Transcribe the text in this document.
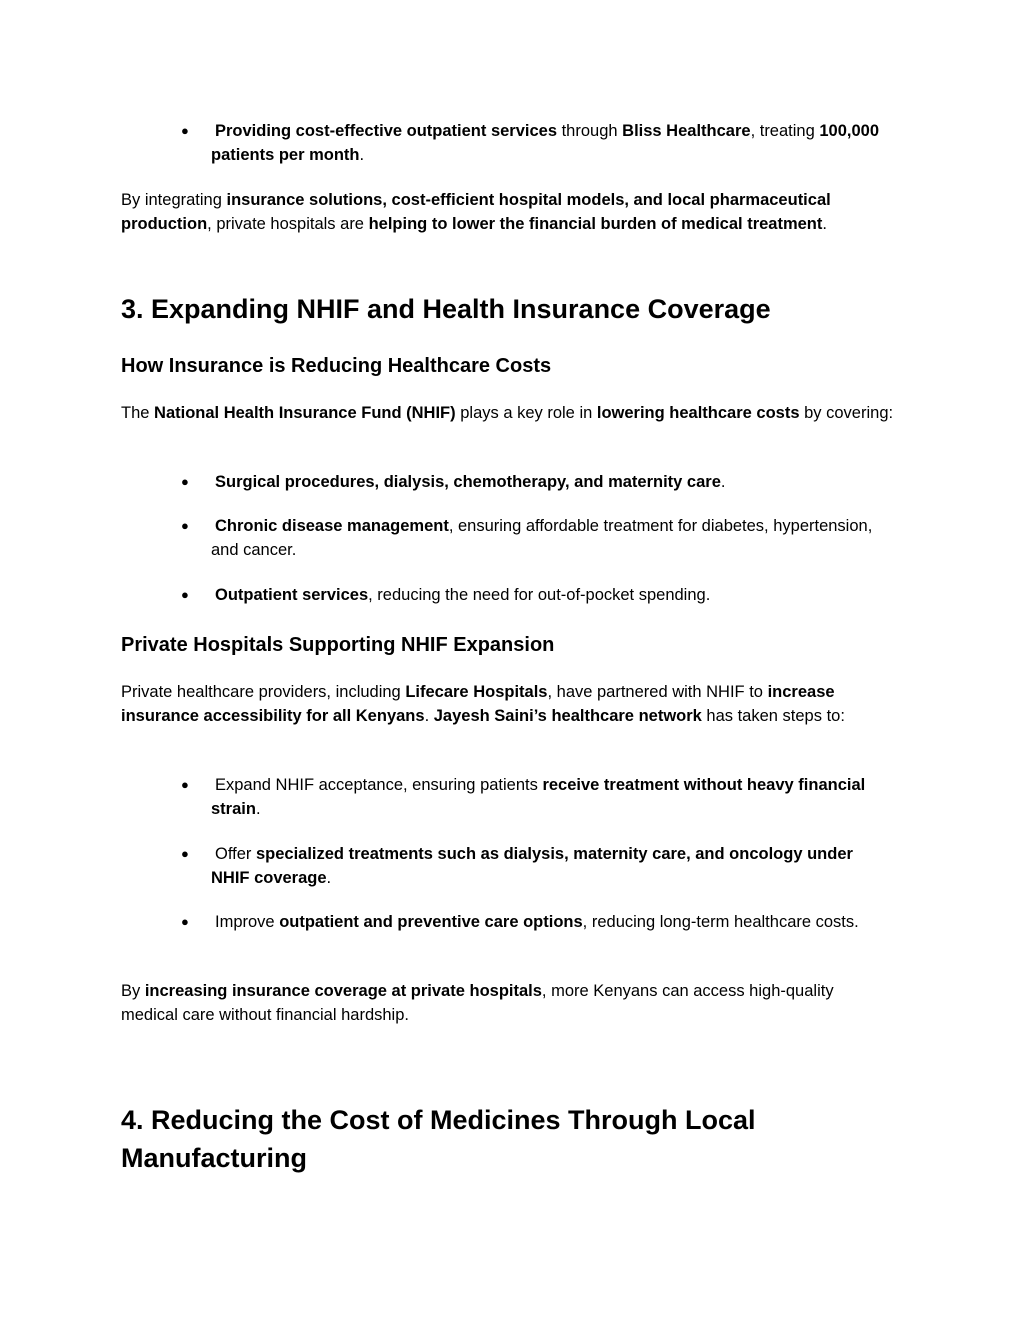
●	Providing cost-effective outpatient services through Bliss Healthcare, treating 100,000 patients per month.

By integrating insurance solutions, cost-efficient hospital models, and local pharmaceutical production, private hospitals are helping to lower the financial burden of medical treatment.

3. Expanding NHIF and Health Insurance Coverage
How Insurance is Reducing Healthcare Costs

The National Health Insurance Fund (NHIF) plays a key role in lowering healthcare costs by covering:

●	Surgical procedures, dialysis, chemotherapy, and maternity care.

●	Chronic disease management, ensuring affordable treatment for diabetes, hypertension, and cancer.

●	Outpatient services, reducing the need for out-of-pocket spending.

Private Hospitals Supporting NHIF Expansion

Private healthcare providers, including Lifecare Hospitals, have partnered with NHIF to increase insurance accessibility for all Kenyans. Jayesh Saini’s healthcare network has taken steps to:

●	Expand NHIF acceptance, ensuring patients receive treatment without heavy financial strain.

●	Offer specialized treatments such as dialysis, maternity care, and oncology under NHIF coverage.

●	Improve outpatient and preventive care options, reducing long-term healthcare costs.

By increasing insurance coverage at private hospitals, more Kenyans can access high-quality medical care without financial hardship.

4. Reducing the Cost of Medicines Through Local Manufacturing
